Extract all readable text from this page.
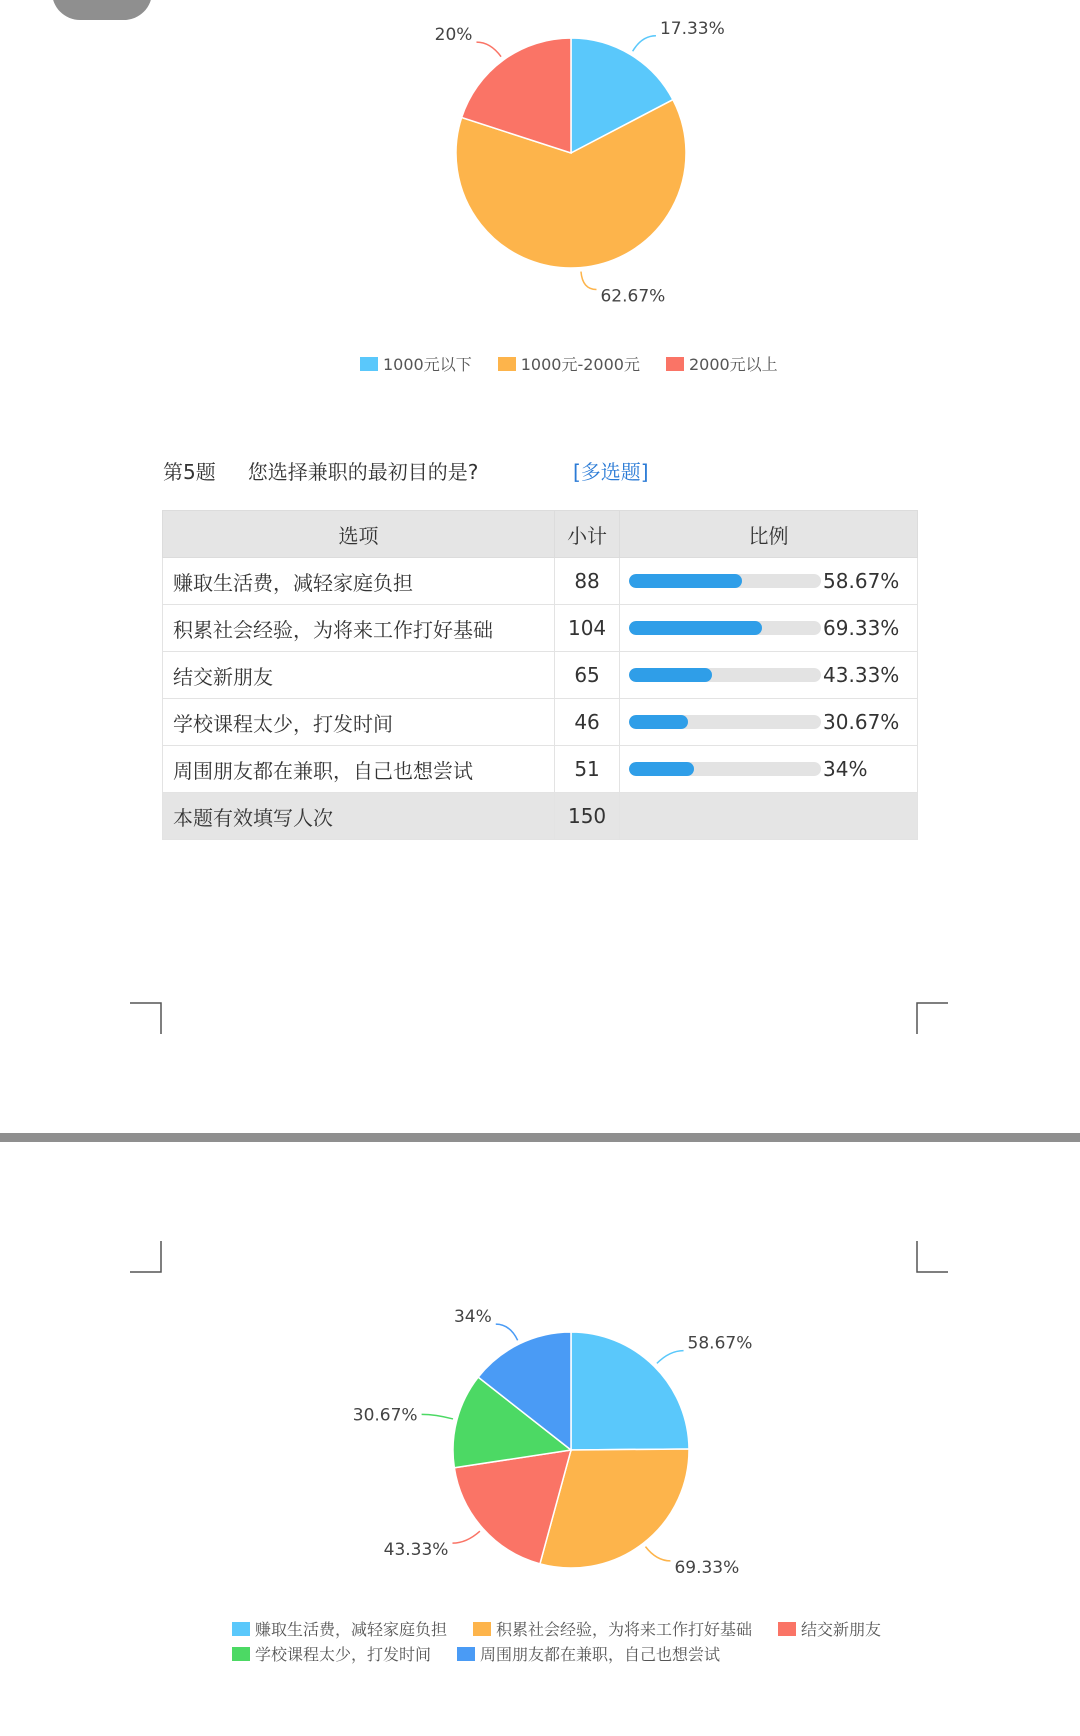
17.33%
62.67%
20%
1000元以下	1000元-2000元	2000元以上
第5题 您选择兼职的最初目的是?	[多选题]
选项	小计	比例
赚取生活费，减轻家庭负担	88	58.67%

积累社会经验，为将来工作打好基础	104	69.33%

结交新朋友	65	43.33%

学校课程太少，打发时间	46	30.67%

周围朋友都在兼职，自己也想尝试	51	34%

本题有效填写人次	150	
58.67%
69.33%
43.33%
30.67%
34%
赚取生活费，减轻家庭负担	积累社会经验，为将来工作打好基础	结交新朋友
学校课程太少，打发时间	周围朋友都在兼职，自己也想尝试
